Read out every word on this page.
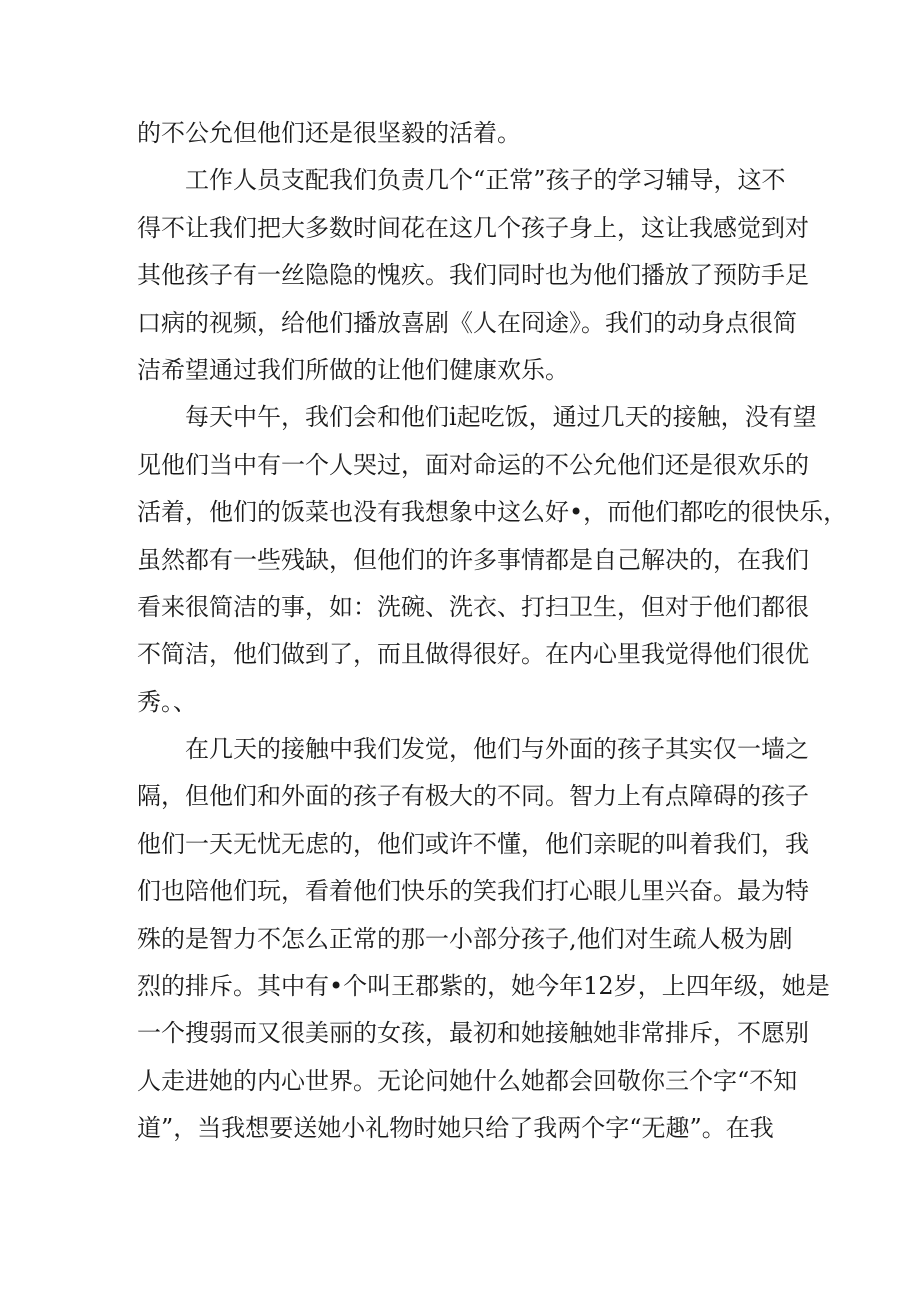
的不公允但他们还是很坚毅的活着。
工作人员支配我们负责几个“正常”孩子的学习辅导，这不
得不让我们把大多数时间花在这几个孩子身上，这让我感觉到对
其他孩子有一丝隐隐的愧疚。我们同时也为他们播放了预防手足
口病的视频，给他们播放喜剧《人在冏途》。我们的动身点很简
洁希望通过我们所做的让他们健康欢乐。
每天中午，我们会和他们i起吃饭，通过几天的接触，没有望
见他们当中有一个人哭过，面对命运的不公允他们还是很欢乐的
活着，他们的饭菜也没有我想象中这么好•，而他们都吃的很快乐，
虽然都有一些残缺，但他们的许多事情都是自己解决的，在我们
看来很简洁的事，如：洗碗、洗衣、打扫卫生，但对于他们都很
不简洁，他们做到了，而且做得很好。在内心里我觉得他们很优
秀。、
在几天的接触中我们发觉，他们与外面的孩子其实仅一墙之
隔，但他们和外面的孩子有极大的不同。智力上有点障碍的孩子
他们一天无忧无虑的，他们或许不懂，他们亲昵的叫着我们，我
们也陪他们玩，看着他们快乐的笑我们打心眼儿里兴奋。最为特
殊的是智力不怎么正常的那一小部分孩子,他们对生疏人极为剧
烈的排斥。其中有•个叫王郡紫的，她今年12岁，上四年级，她是
一个搜弱而又很美丽的女孩，最初和她接触她非常排斥，不愿别
人走进她的内心世界。无论问她什么她都会回敬你三个字“不知
道”，当我想要送她小礼物时她只给了我两个字“无趣”。在我
